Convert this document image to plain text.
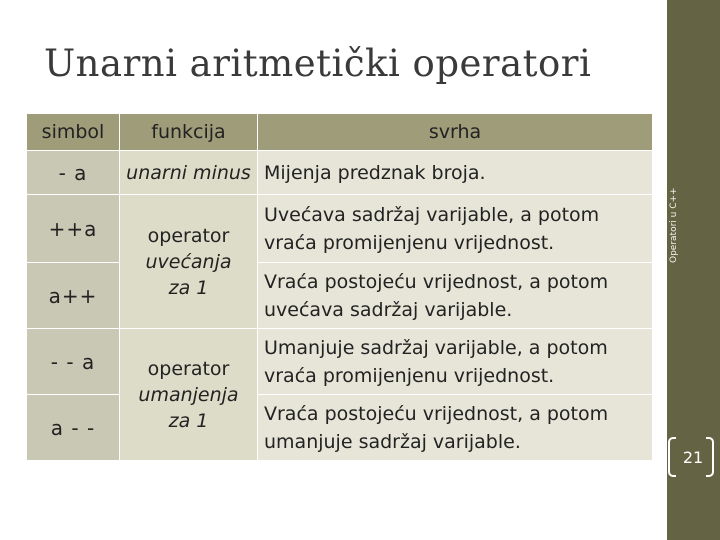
Unarni aritmetički operatori
Operatori u C++
21
simbol	funkcija	svrha
- a	unarni minus	Mijenja predznak broja.
++a	operator
uvećanja
za 1	Uvećava sadržaj varijable, a potom vraća promijenjenu vrijednost.
a++		Vraća postojeću vrijednost, a potom uvećava sadržaj varijable.
- - a	operator
umanjenja
za 1	Umanjuje sadržaj varijable, a potom vraća promijenjenu vrijednost.
a - -		Vraća postojeću vrijednost, a potom umanjuje sadržaj varijable.
